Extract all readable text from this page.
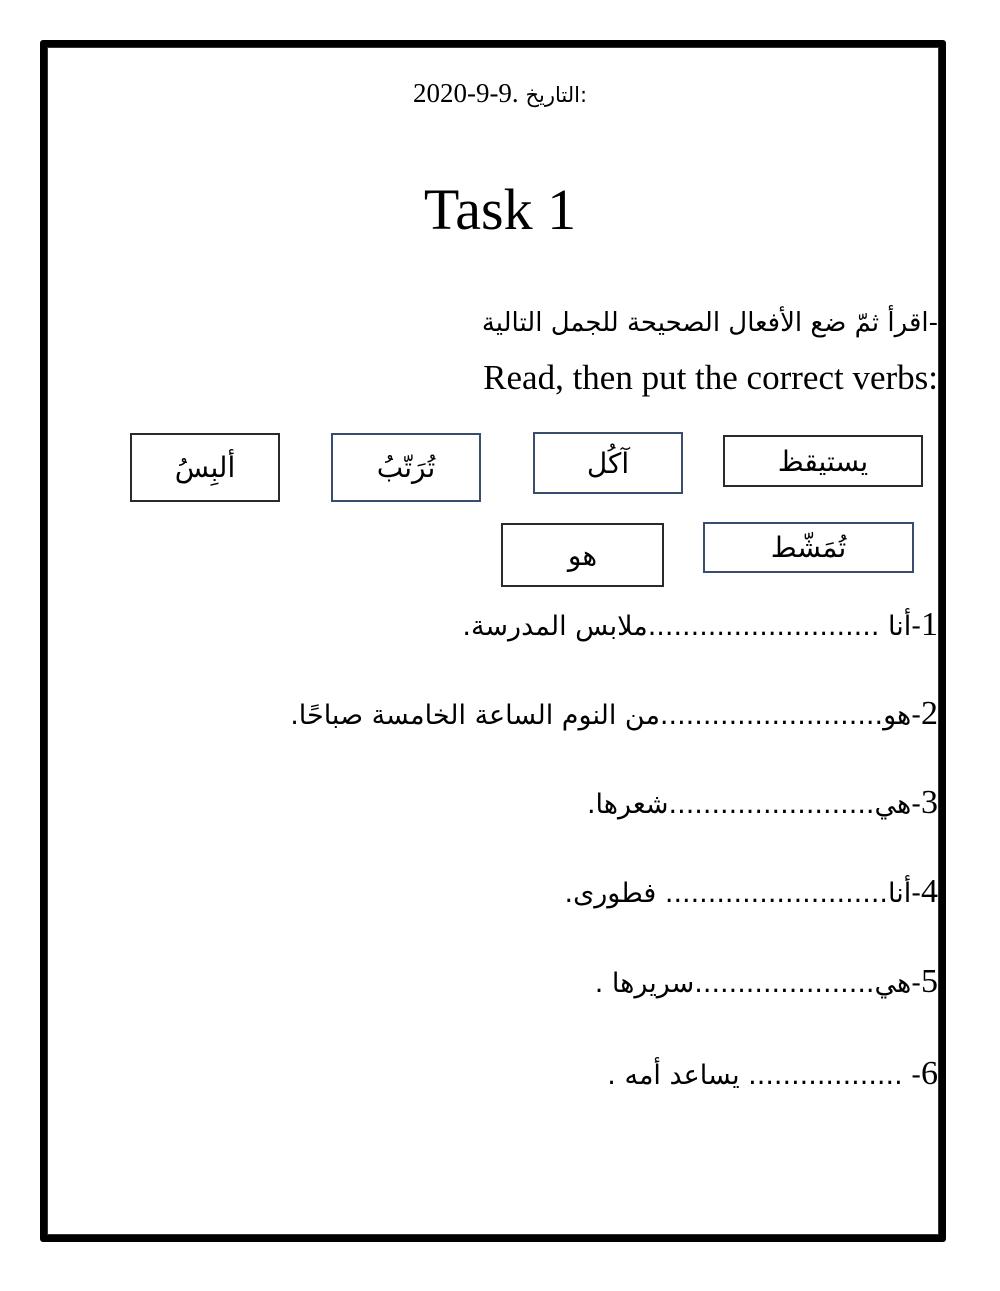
2020-9-9. التاريخ:
Task 1
-اقرأ ثمّ ضع الأفعال الصحيحة للجمل التالية
Read, then put the correct verbs:
ألبِسُ	تُرَتّبُ	آكُل	يستيقظ
هو	تُمَشّط
1-أنا ...........................ملابس المدرسة.
2-هو..........................من النوم الساعة الخامسة صباحًا.
3-هي........................شعرها.
4-أنا.......................... فطورى.
5-هي.....................سريرها .
6- .................. يساعد أمه .
